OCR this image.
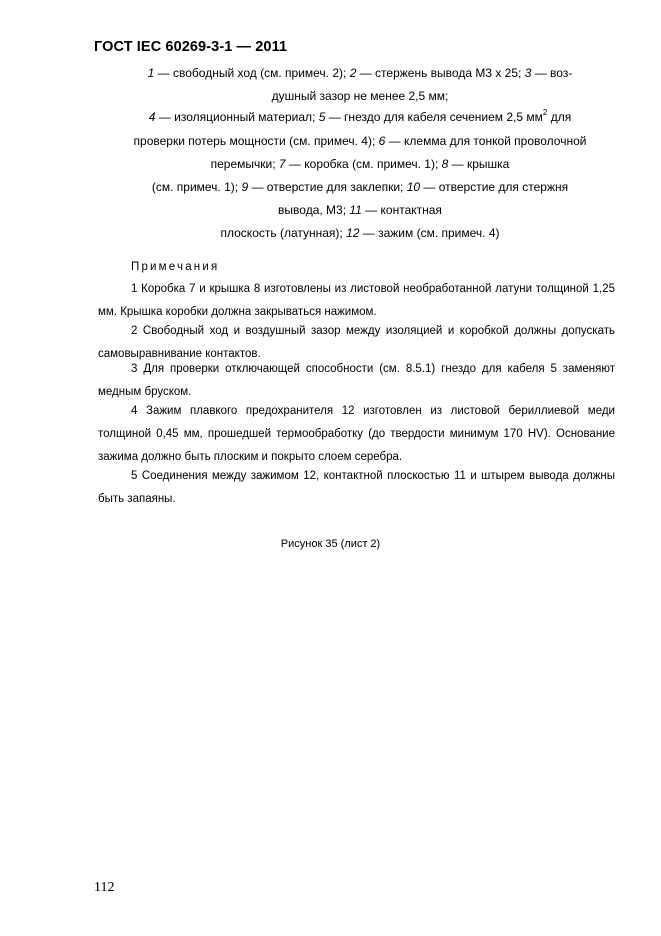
ГОСТ IEC 60269-3-1 — 2011
1 — свободный ход (см. примеч. 2); 2 — стержень вывода М3 х 25; 3 — воз-
душный зазор не менее 2,5 мм;
4 — изоляционный материал; 5 — гнездо для кабеля сечением 2,5 $мм^2$ для
проверки потерь мощности (см. примеч. 4); 6 — клемма для тонкой проволочной
перемычки; 7 — коробка (см. примеч. 1); 8 — крышка
(см. примеч. 1); 9 — отверстие для заклепки; 10 — отверстие для стержня
вывода, М3; 11 — контактная
плоскость (латунная); 12 — зажим (см. примеч. 4)
Примечания

1 Коробка 7 и крышка 8 изготовлены из листовой необработанной латуни толщиной 1,25 мм. Крышка коробки должна закрываться нажимом.

2 Свободный ход и воздушный зазор между изоляцией и коробкой должны допускать самовыравнивание контактов.

3 Для проверки отключающей способности (см. 8.5.1) гнездо для кабеля 5 заменяют медным бруском.

4 Зажим плавкого предохранителя 12 изготовлен из листовой бериллиевой меди толщиной 0,45 мм, прошедшей термообработку (до твердости минимум 170 HV). Основание зажима должно быть плоским и покрыто слоем серебра.

5 Соединения между зажимом 12, контактной плоскостью 11 и штырем вывода должны быть запаяны.

Рисунок 35 (лист 2)
112
